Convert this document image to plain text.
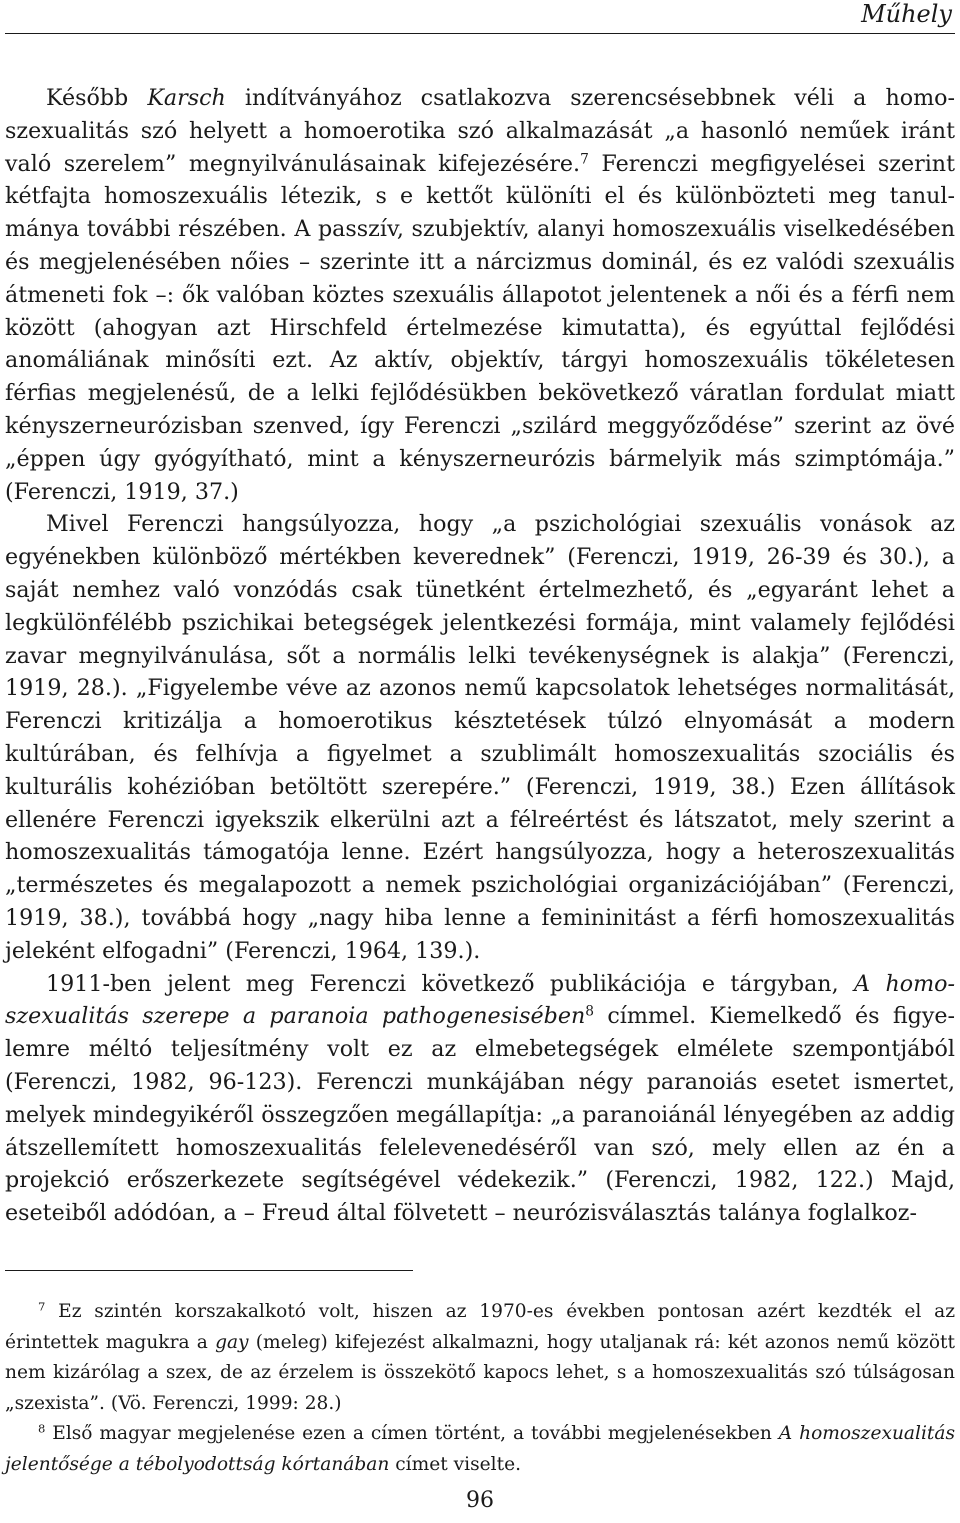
Műhely

Később Karsch indítványához csatlakozva szerencsésebbnek véli a homoszexualitás szó helyett a homoerotika szó alkalmazását „a hasonló neműek iránt való szerelem” megnyilvánulásainak kifejezésére.$^7$ Ferenczi megfigyelései szerint kétfajta homoszexuális létezik, s e kettőt különíti el és különbözteti meg tanulmánya további részében. A passzív, szubjektív, alanyi homoszexuális viselkedésében és megjelenésében nőies – szerinte itt a nárcizmus dominál, és ez valódi szexuális átmeneti fok –: ők valóban köztes szexuális állapotot jelentenek a női és a férfi nem között (ahogyan azt Hirschfeld értelmezése kimutatta), és egyúttal fejlődési anomáliának minősíti ezt. Az aktív, objektív, tárgyi homoszexuális tökéletesen férfias megjelenésű, de a lelki fejlődésükben bekövetkező váratlan fordulat miatt kényszerneurózisban szenved, így Ferenczi „szilárd meggyőződése” szerint az övé „éppen úgy gyógyítható, mint a kényszerneurózis bármelyik más szimptómája.” (Ferenczi, 1919, 37.)

Mivel Ferenczi hangsúlyozza, hogy „a pszichológiai szexuális vonások az egyénekben különböző mértékben keverednek” (Ferenczi, 1919, 26-39 és 30.), a saját nemhez való vonzódás csak tünetként értelmezhető, és „egyaránt lehet a legkülönfélébb pszichikai betegségek jelentkezési formája, mint valamely fejlődési zavar megnyilvánulása, sőt a normális lelki tevékenységnek is alakja” (Ferenczi, 1919, 28.). „Figyelembe véve az azonos nemű kapcsolatok lehetséges normalitását, Ferenczi kritizálja a homoerotikus késztetések túlzó elnyomását a modern kultúrában, és felhívja a figyelmet a szublimált homoszexualitás szociális és kulturális kohézióban betöltött szerepére.” (Ferenczi, 1919, 38.) Ezen állítások ellenére Ferenczi igyekszik elkerülni azt a félreértést és látszatot, mely szerint a homoszexualitás támogatója lenne. Ezért hangsúlyozza, hogy a heteroszexualitás „természetes és megalapozott a nemek pszichológiai organizációjában” (Ferenczi, 1919, 38.), továbbá hogy „nagy hiba lenne a femininitást a férfi homoszexualitás jeleként elfogadni” (Ferenczi, 1964, 139.).

1911-ben jelent meg Ferenczi következő publikációja e tárgyban, A homoszexualitás szerepe a paranoia pathogenesisében$^8$ címmel. Kiemelkedő és figyelemre méltó teljesítmény volt ez az elmebetegségek elmélete szempontjából (Ferenczi, 1982, 96-123). Ferenczi munkájában négy paranoiás esetet ismertet, melyek mindegyikéről összegzően megállapítja: „a paranoiánál lényegében az addig átszellemített homoszexualitás felelevenedéséről van szó, mely ellen az én a projekció erőszerkezete segítségével védekezik.” (Ferenczi, 1982, 122.) Majd, eseteiből adódóan, a – Freud által fölvetett – neurózisválasztás talánya foglalkoz-

$^7$ Ez szintén korszakalkotó volt, hiszen az 1970-es években pontosan azért kezdték el az érintettek magukra a gay (meleg) kifejezést alkalmazni, hogy utaljanak rá: két azonos nemű között nem kizárólag a szex, de az érzelem is összekötő kapocs lehet, s a homoszexualitás szó túlságosan „szexista”. (Vö. Ferenczi, 1999: 28.)

$^8$ Első magyar megjelenése ezen a címen történt, a további megjelenésekben A homoszexualitás jelentősége a tébolyodottság kórtanában címet viselte.

96
